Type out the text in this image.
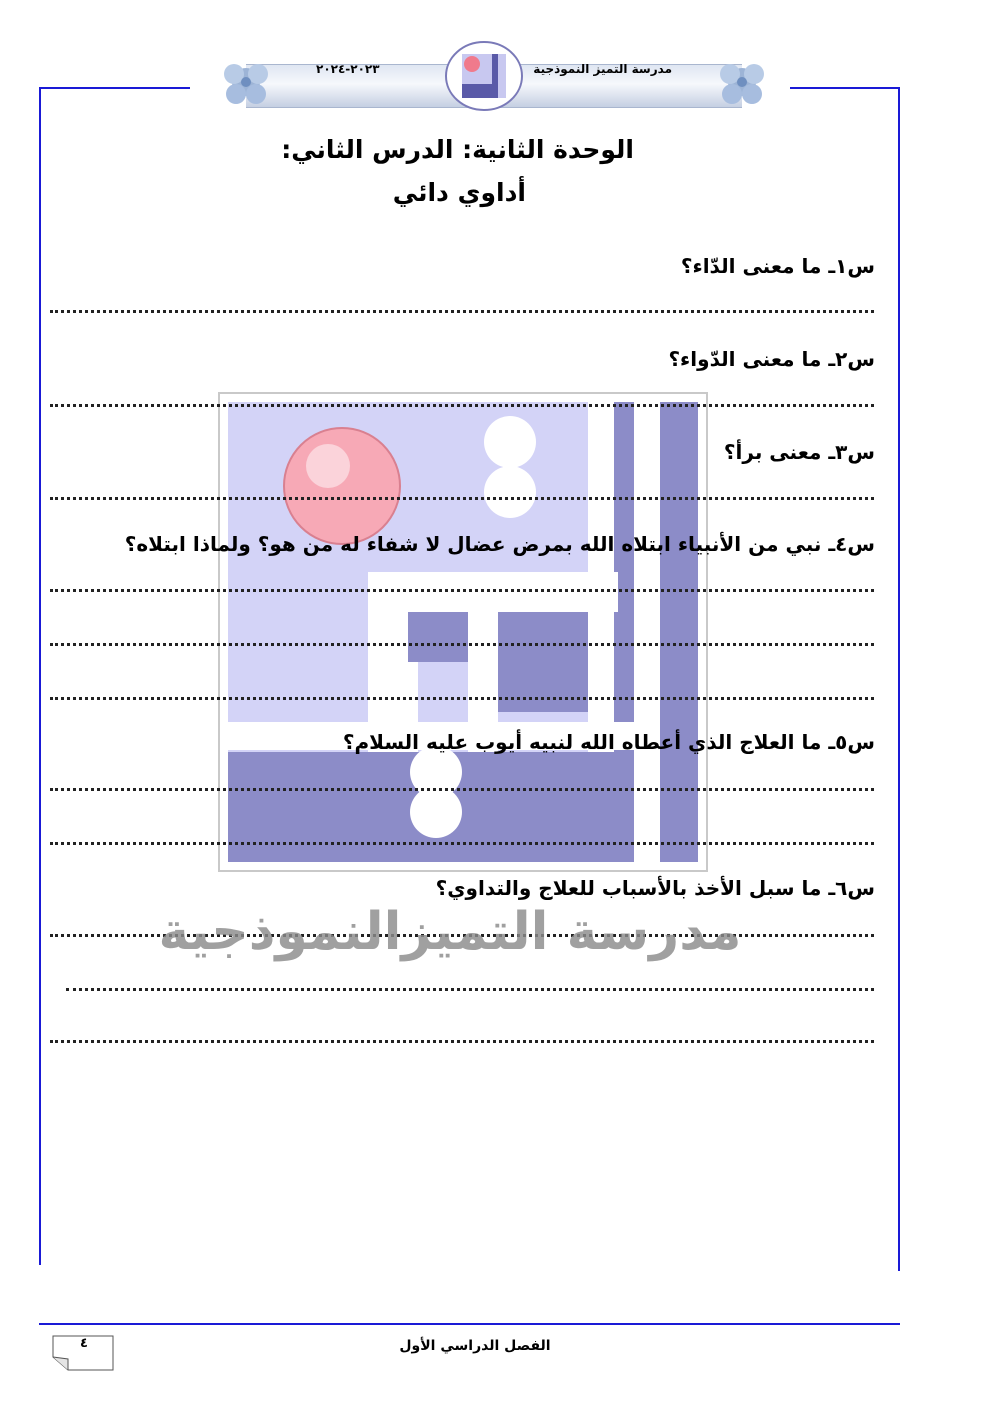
مدرسة التميز النموذجية
٢٠٢٣-٢٠٢٤
الوحدة الثانية: الدرس الثاني:
أداوي دائي
س١ـ ما معنى الدّاء؟
س٢ـ ما معنى الدّواء؟
س٣ـ معنى برأ؟
س٤ـ نبي من الأنبياء ابتلاه الله بمرض عضال لا شفاء له من هو؟ ولماذا ابتلاه؟
س٥ـ ما العلاج الذي أعطاه الله لنبيه أيوب عليه السلام؟
س٦ـ ما سبل الأخذ بالأسباب للعلاج والتداوي؟
مدرسة التميزالنموذجية
٤	الفصل الدراسي الأول
